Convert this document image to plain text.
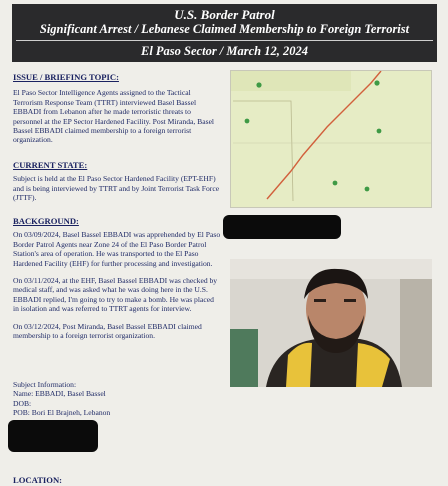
U.S. Border Patrol
Significant Arrest / Lebanese Claimed Membership to Foreign Terrorist
El Paso Sector / March 12, 2024
ISSUE / BRIEFING TOPIC:
El Paso Sector Intelligence Agents assigned to the Tactical Terrorism Response Team (TTRT) interviewed Basel Bassel EBBADI from Lebanon after he made terroristic threats to personnel at the EP Sector Hardened Facility. Post Miranda, Basel Bassel EBBADI claimed membership to a foreign terrorist organization.
CURRENT STATE:
Subject is held at the El Paso Sector Hardened Facility (EPT-EHF) and is being interviewed by TTRT and by Joint Terrorist Task Force (JTTF).
BACKGROUND:
On 03/09/2024, Basel Bassel EBBADI was apprehended by El Paso Border Patrol Agents near Zone 24 of the El Paso Border Patrol Station's area of operation. He was transported to the El Paso Hardened Facility (EHF) for further processing and investigation.
On 03/11/2024, at the EHF, Basel Bassel EBBADI was checked by medical staff, and was asked what he was doing here in the U.S. EBBADI replied, I'm going to try to make a bomb. He was placed in isolation and was referred to TTRT agents for interview.
On 03/12/2024, Post Miranda, Basel Bassel EBBADI claimed membership to a foreign terrorist organization.
Subject Information:
Name: EBBADI, Basel Bassel
DOB:
POB: Bori El Brajneh, Lebanon
LOCATION:
